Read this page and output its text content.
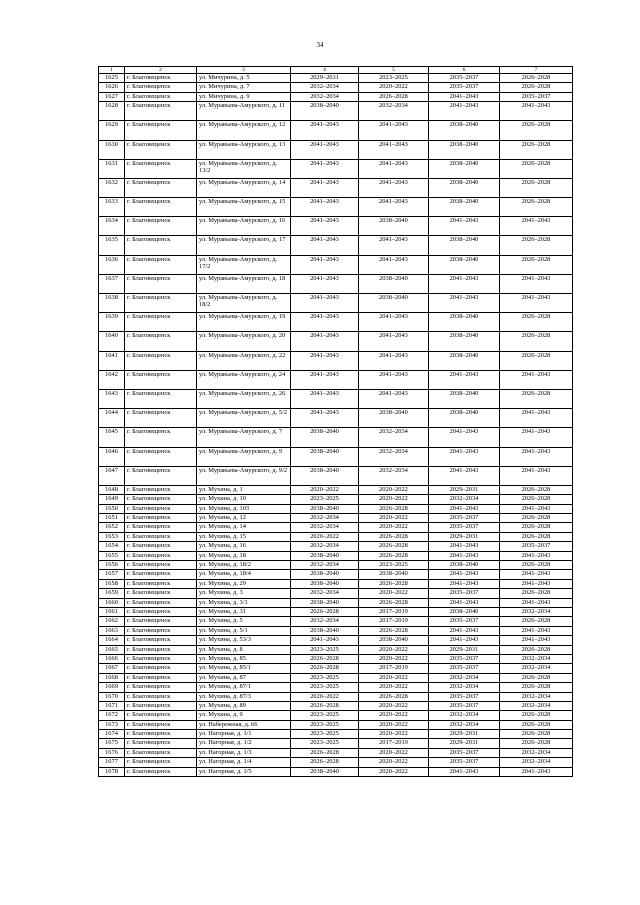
34
1	2	3	4	5	6	7
1625	г. Благовещенск	ул. Мичурина, д. 5	2029–2031	2023–2025	2035–2037	2026–2028
1626	г. Благовещенск	ул. Мичурина, д. 7	2032–2034	2020–2022	2035–2037	2026–2028
1627	г. Благовещенск	ул. Мичурина, д. 9	2032–2034	2026–2028	2041–2043	2035–2037
1628	г. Благовещенск	ул. Муравьева-Амурского, д. 11	2038–2040	2032–2034	2041–2043	2041–2043
1629	г. Благовещенск	ул. Муравьева-Амурского, д. 12	2041–2043	2041–2043	2038–2040	2026–2028
1630	г. Благовещенск	ул. Муравьева-Амурского, д. 13	2041–2043	2041–2043	2038–2040	2026–2028
1631	г. Благовещенск	ул. Муравьева-Амурского, д. 13/2	2041–2043	2041–2043	2038–2040	2026–2028
1632	г. Благовещенск	ул. Муравьева-Амурского, д. 14	2041–2043	2041–2043	2038–2040	2026–2028
1633	г. Благовещенск	ул. Муравьева-Амурского, д. 15	2041–2043	2041–2043	2038–2040	2026–2028
1634	г. Благовещенск	ул. Муравьева-Амурского, д. 16	2041–2043	2038–2040	2041–2043	2041–2043
1635	г. Благовещенск	ул. Муравьева-Амурского, д. 17	2041–2043	2041–2043	2038–2040	2026–2028
1636	г. Благовещенск	ул. Муравьева-Амурского, д. 17/2	2041–2043	2041–2043	2038–2040	2026–2028
1637	г. Благовещенск	ул. Муравьева-Амурского, д. 18	2041–2043	2038–2040	2041–2043	2041–2043
1638	г. Благовещенск	ул. Муравьева-Амурского, д. 18/2	2041–2043	2038–2040	2041–2043	2041–2043
1639	г. Благовещенск	ул. Муравьева-Амурского, д. 19	2041–2043	2041–2043	2038–2040	2026–2028
1640	г. Благовещенск	ул. Муравьева-Амурского, д. 20	2041–2043	2041–2043	2038–2040	2026–2028
1641	г. Благовещенск	ул. Муравьева-Амурского, д. 22	2041–2043	2041–2043	2038–2040	2026–2028
1642	г. Благовещенск	ул. Муравьева-Амурского, д. 24	2041–2043	2041–2043	2041–2043	2041–2043
1643	г. Благовещенск	ул. Муравьева-Амурского, д. 26	2041–2043	2041–2043	2038–2040	2026–2028
1644	г. Благовещенск	ул. Муравьева-Амурского, д. 5/2	2041–2043	2038–2040	2038–2040	2041–2043
1645	г. Благовещенск	ул. Муравьева-Амурского, д. 7	2038–2040	2032–2034	2041–2043	2041–2043
1646	г. Благовещенск	ул. Муравьева-Амурского, д. 9	2038–2040	2032–2034	2041–2043	2041–2043
1647	г. Благовещенск	ул. Муравьева-Амурского, д. 9/2	2038–2040	2032–2034	2041–2043	2041–2043
1648	г. Благовещенск	ул. Мухина, д. 1	2020–2022	2020–2022	2029–2031	2026–2028
1649	г. Благовещенск	ул. Мухина, д. 10	2023–2025	2020–2022	2032–2034	2026–2028
1650	г. Благовещенск	ул. Мухина, д. 103	2038–2040	2026–2028	2041–2043	2041–2043
1651	г. Благовещенск	ул. Мухина, д. 12	2032–2034	2020–2022	2035–2037	2026–2028
1652	г. Благовещенск	ул. Мухина, д. 14	2032–2034	2020–2022	2035–2037	2026–2028
1653	г. Благовещенск	ул. Мухина, д. 15	2020–2022	2026–2028	2029–2031	2026–2028
1654	г. Благовещенск	ул. Мухина, д. 16	2032–2034	2026–2028	2041–2043	2035–2037
1655	г. Благовещенск	ул. Мухина, д. 18	2038–2040	2026–2028	2041–2043	2041–2043
1656	г. Благовещенск	ул. Мухина, д. 18/2	2032–2034	2023–2025	2038–2040	2026–2028
1657	г. Благовещенск	ул. Мухина, д. 18/4	2038–2040	2038–2040	2041–2043	2041–2043
1658	г. Благовещенск	ул. Мухина, д. 29	2038–2040	2026–2028	2041–2043	2041–2043
1659	г. Благовещенск	ул. Мухина, д. 3	2032–2034	2020–2022	2035–2037	2026–2028
1660	г. Благовещенск	ул. Мухина, д. 3/1	2038–2040	2026–2028	2041–2043	2041–2043
1661	г. Благовещенск	ул. Мухина, д. 31	2026–2028	2017–2019	2038–2040	2032–2034
1662	г. Благовещенск	ул. Мухина, д. 5	2032–2034	2017–2019	2035–2037	2026–2028
1663	г. Благовещенск	ул. Мухина, д. 5/1	2038–2040	2026–2028	2041–2043	2041–2043
1664	г. Благовещенск	ул. Мухина, д. 53/3	2041–2043	2038–2040	2041–2043	2041–2043
1665	г. Благовещенск	ул. Мухина, д. 8	2023–2025	2020–2022	2029–2031	2026–2028
1666	г. Благовещенск	ул. Мухина, д. 85	2026–2028	2020–2022	2035–2037	2032–2034
1667	г. Благовещенск	ул. Мухина, д. 85/1	2026–2028	2017–2019	2035–2037	2032–2034
1668	г. Благовещенск	ул. Мухина, д. 87	2023–2025	2020–2022	2032–2034	2026–2028
1669	г. Благовещенск	ул. Мухина, д. 87/1	2023–2025	2020–2022	2032–2034	2026–2028
1670	г. Благовещенск	ул. Мухина, д. 87/3	2020–2022	2026–2028	2035–2037	2032–2034
1671	г. Благовещенск	ул. Мухина, д. 89	2026–2028	2020–2022	2035–2037	2032–2034
1672	г. Благовещенск	ул. Мухина, д. 9	2023–2025	2020–2022	2032–2034	2026–2028
1673	г. Благовещенск	ул. Набережная, д. 66	2023–2025	2020–2022	2032–2034	2026–2028
1674	г. Благовещенск	ул. Нагорная, д. 1/1	2023–2025	2020–2022	2029–2031	2026–2028
1675	г. Благовещенск	ул. Нагорная, д. 1/2	2023–2025	2017–2019	2029–2031	2026–2028
1676	г. Благовещенск	ул. Нагорная, д. 1/3	2026–2028	2020–2022	2035–2037	2032–2034
1677	г. Благовещенск	ул. Нагорная, д. 1/4	2026–2028	2020–2022	2035–2037	2032–2034
1678	г. Благовещенск	ул. Нагорная, д. 1/5	2038–2040	2020–2022	2041–2043	2041–2043
